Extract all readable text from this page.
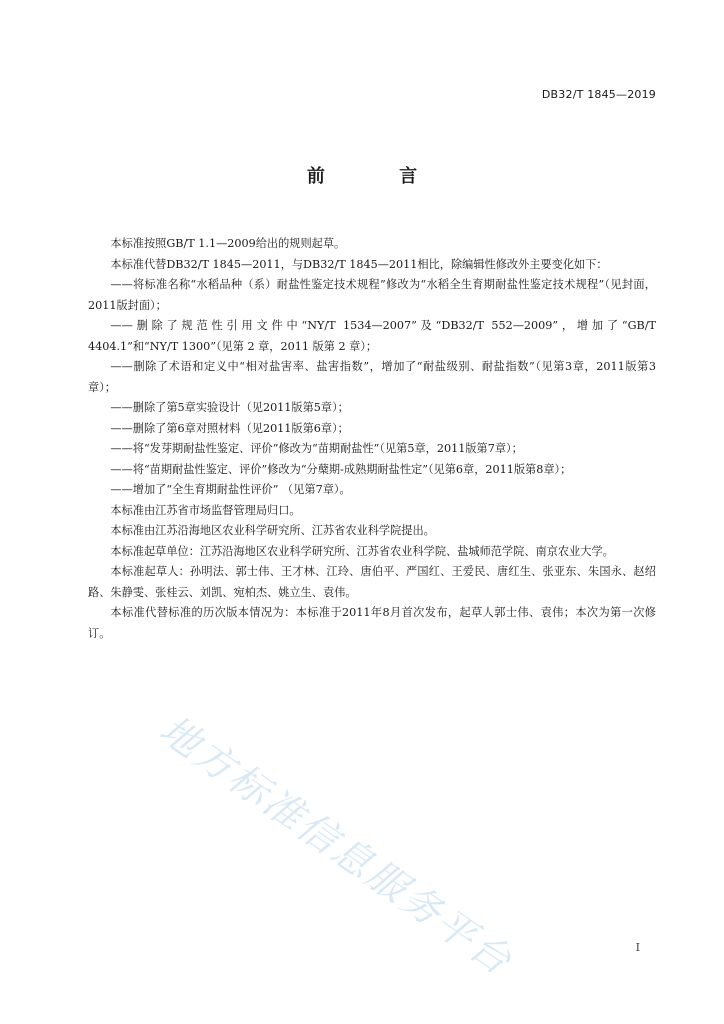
DB32/T 1845—2019
前 言

本标准按照GB/T 1.1—2009给出的规则起草。

本标准代替DB32/T 1845—2011，与DB32/T 1845—2011相比，除编辑性修改外主要变化如下：

——将标准名称“水稻品种（系）耐盐性鉴定技术规程”修改为“水稻全生育期耐盐性鉴定技术规程”（见封面，2011版封面）；

——删除了规范性引用文件中“NY/T 1534—2007”及“DB32/T 552—2009”，增加了“GB/T 4404.1”和“NY/T 1300”（见第 2 章，2011 版第 2 章）；

——删除了术语和定义中“相对盐害率、盐害指数”，增加了“耐盐级别、耐盐指数”（见第3章，2011版第3章）；

——删除了第5章实验设计（见2011版第5章）；

——删除了第6章对照材料（见2011版第6章）；

——将“发芽期耐盐性鉴定、评价”修改为“苗期耐盐性”（见第5章，2011版第7章）；

——将“苗期耐盐性鉴定、评价”修改为“分蘖期-成熟期耐盐性定”（见第6章，2011版第8章）；

——增加了“全生育期耐盐性评价” （见第7章）。

本标准由江苏省市场监督管理局归口。

本标准由江苏沿海地区农业科学研究所、江苏省农业科学院提出。

本标准起草单位：江苏沿海地区农业科学研究所、江苏省农业科学院、盐城师范学院、南京农业大学。

本标准起草人：孙明法、郭士伟、王才林、江玲、唐伯平、严国红、王爱民、唐红生、张亚东、朱国永、赵绍路、朱静雯、张桂云、刘凯、宛柏杰、姚立生、袁伟。

本标准代替标准的历次版本情况为：本标准于2011年8月首次发布，起草人郭士伟、袁伟；本次为第一次修订。

地方标准信息服务平台	I
